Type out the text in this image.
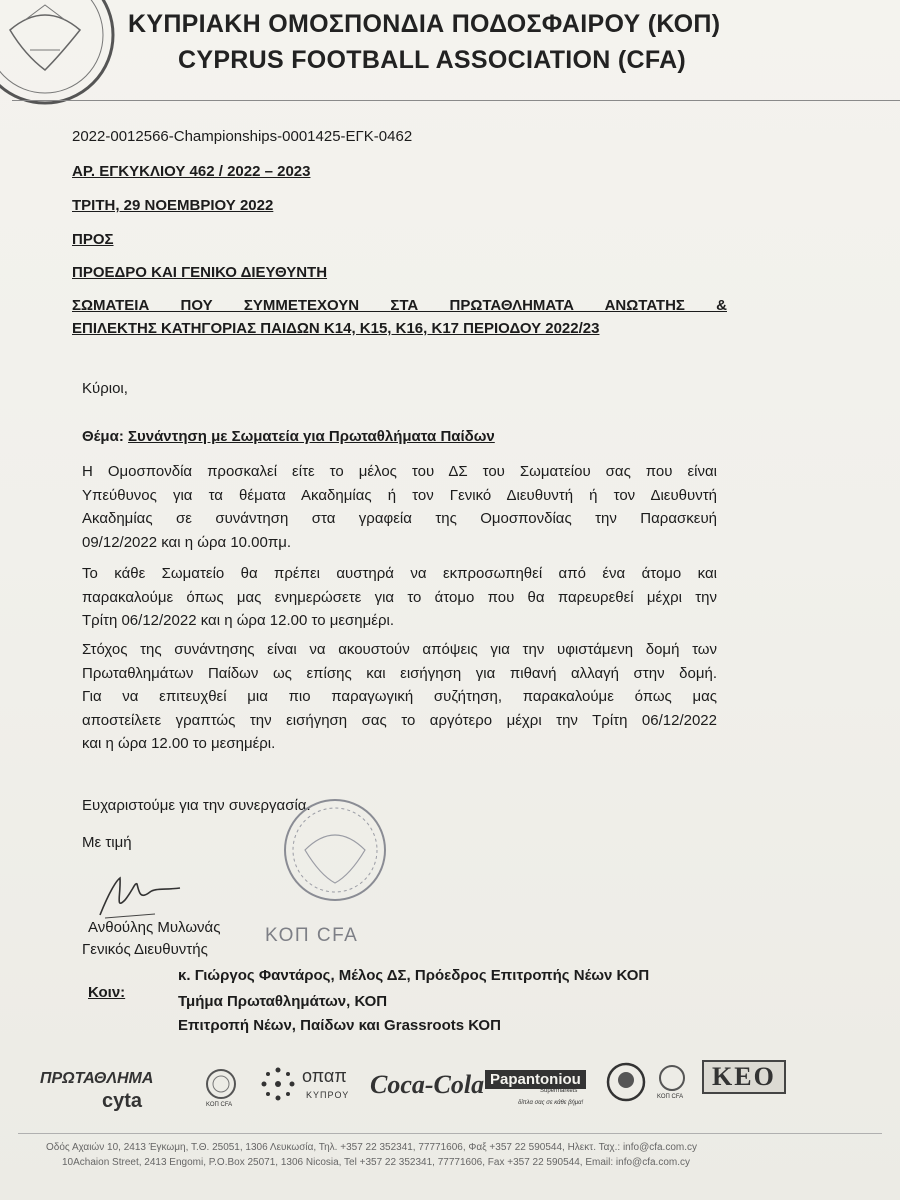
ΚΥΠΡΙΑΚΗ ΟΜΟΣΠΟΝΔΙΑ ΠΟΔΟΣΦΑΙΡΟΥ (ΚΟΠ)
CYPRUS FOOTBALL ASSOCIATION (CFA)
2022-0012566-Championships-0001425-ΕΓΚ-0462
ΑΡ. ΕΓΚΥΚΛΙΟΥ 462 / 2022 – 2023
ΤΡΙΤΗ, 29 ΝΟΕΜΒΡΙΟΥ 2022
ΠΡΟΣ
ΠΡΟΕΔΡΟ ΚΑΙ ΓΕΝΙΚΟ ΔΙΕΥΘΥΝΤΗ
ΣΩΜΑΤΕΙΑ ΠΟΥ ΣΥΜΜΕΤΕΧΟΥΝ ΣΤΑ ΠΡΩΤΑΘΛΗΜΑΤΑ ΑΝΩΤΑΤΗΣ &
ΕΠΙΛΕΚΤΗΣ ΚΑΤΗΓΟΡΙΑΣ ΠΑΙΔΩΝ Κ14, Κ15, Κ16, Κ17 ΠΕΡΙΟΔΟΥ 2022/23
Κύριοι,
Θέμα: Συνάντηση με Σωματεία για Πρωταθλήματα Παίδων
Η Ομοσπονδία προσκαλεί είτε το μέλος του ΔΣ του Σωματείου σας που είναι
Υπεύθυνος για τα θέματα Ακαδημίας ή τον Γενικό Διευθυντή ή τον Διευθυντή
Ακαδημίας σε συνάντηση στα γραφεία της Ομοσπονδίας την Παρασκευή
09/12/2022 και η ώρα 10.00πμ.
Το κάθε Σωματείο θα πρέπει αυστηρά να εκπροσωπηθεί από ένα άτομο και
παρακαλούμε όπως μας ενημερώσετε για το άτομο που θα παρευρεθεί μέχρι την
Τρίτη 06/12/2022 και η ώρα 12.00 το μεσημέρι.
Στόχος της συνάντησης είναι να ακουστούν απόψεις για την υφιστάμενη δομή των
Πρωταθλημάτων Παίδων ως επίσης και εισήγηση για πιθανή αλλαγή στην δομή.
Για να επιτευχθεί μια πιο παραγωγική συζήτηση, παρακαλούμε όπως μας
αποστείλετε γραπτώς την εισήγηση σας το αργότερο μέχρι την Τρίτη 06/12/2022
και η ώρα 12.00 το μεσημέρι.
Ευχαριστούμε για την συνεργασία.
Με τιμή
Ανθούλης Μυλωνάς
Γενικός Διευθυντής
ΚΟΠ CFA
Κοιν:
κ. Γιώργος Φαντάρος, Μέλος ΔΣ, Πρόεδρος Επιτροπής Νέων ΚΟΠ
Τμήμα Πρωταθλημάτων, ΚΟΠ
Επιτροπή Νέων, Παίδων και Grassroots ΚΟΠ
ΠΡΩΤΑΘΛΗΜΑ
cyta	ΚΟΠ CFA
οπαπ
ΚΥΠΡΟΥ Coca-Cola Papantoniou
Supermarkets
δίπλα σας σε κάθε βήμα!
ΚΟΠ CFA
KEO
Οδός Αχαιών 10, 2413 Έγκωμη, Τ.Θ. 25051, 1306 Λευκωσία, Τηλ. +357 22 352341, 77771606, Φαξ +357 22 590544, Ηλεκτ. Ταχ.: info@cfa.com.cy
10Achaion Street, 2413 Engomi, P.O.Box 25071, 1306 Nicosia, Tel +357 22 352341, 77771606, Fax +357 22 590544, Email: info@cfa.com.cy
